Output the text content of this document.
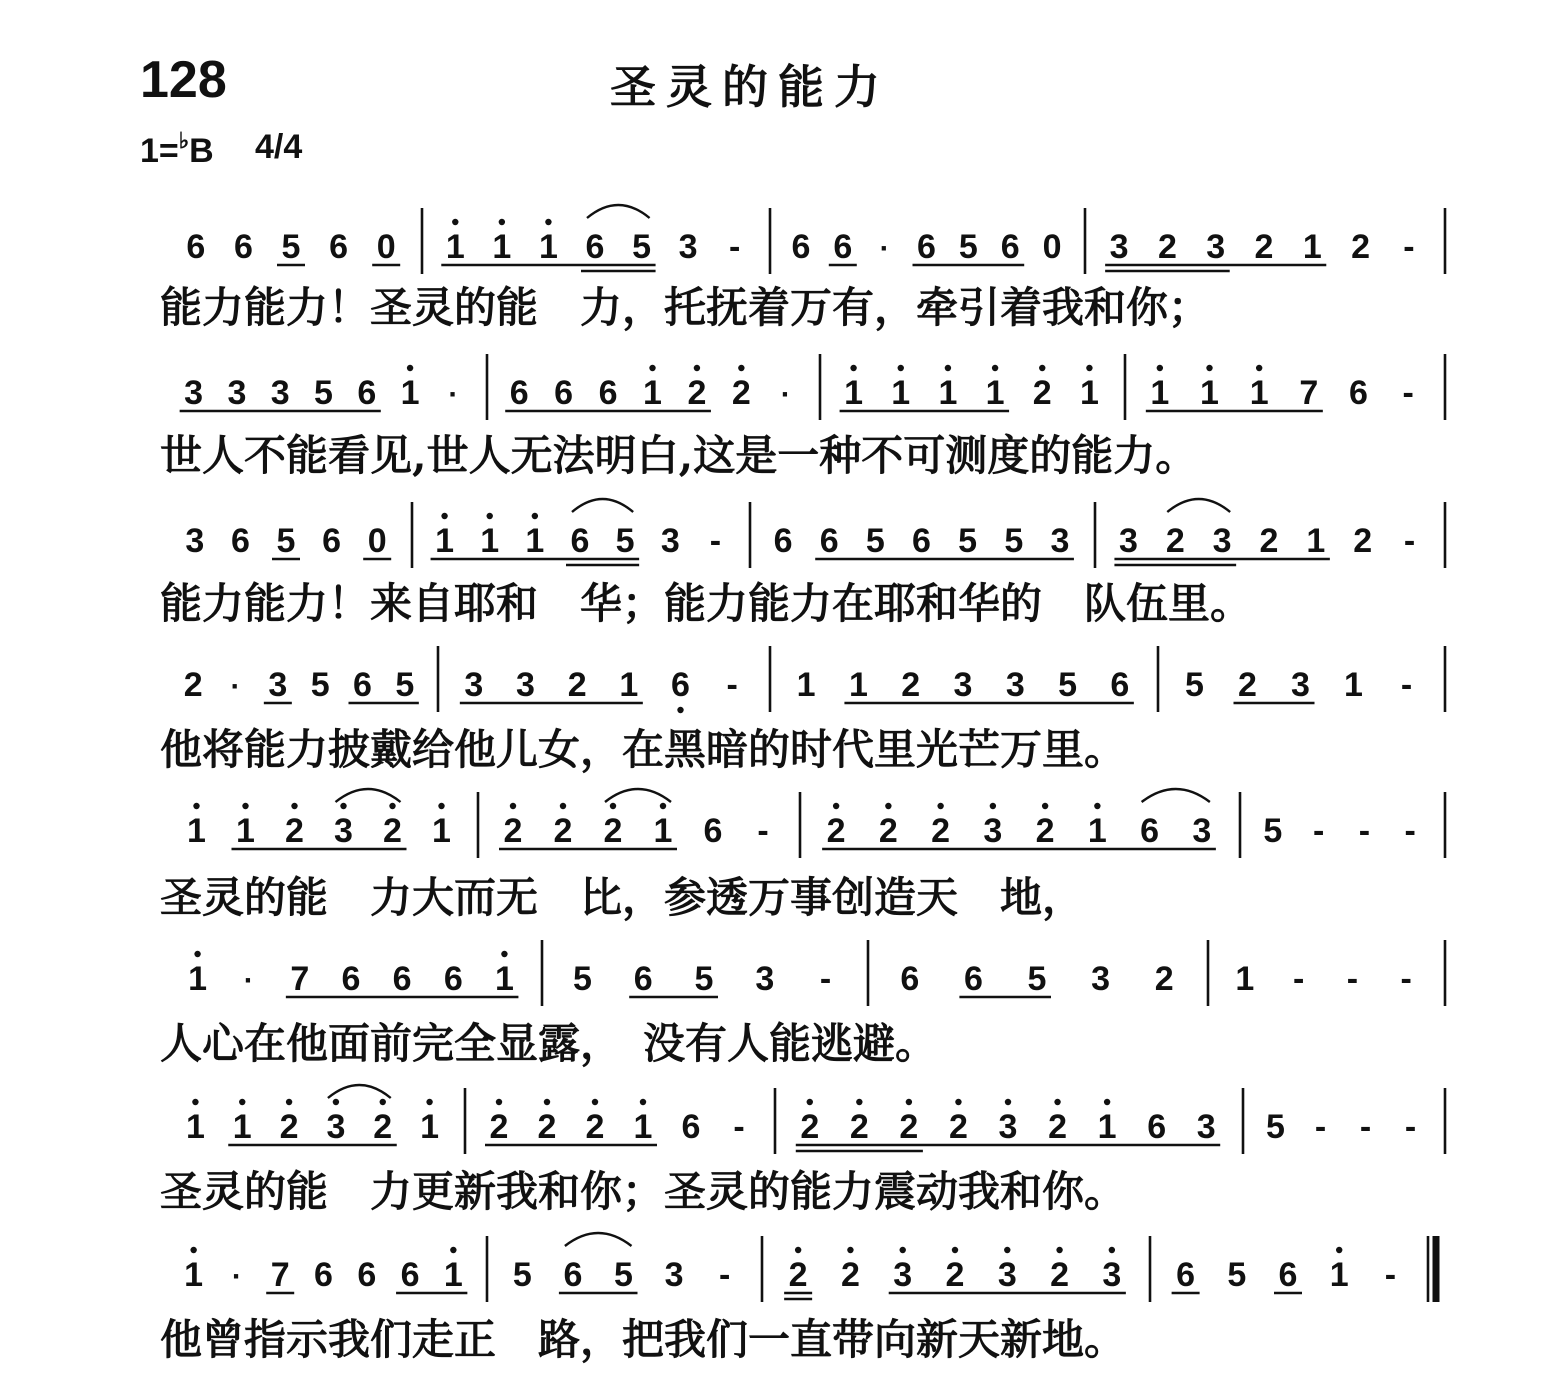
128	圣灵的能力
1=♭B 4/4
能力能力！圣灵的能　力，托抚着万有，牵引着我和你；
世人不能看见,世人无法明白,这是一种不可测度的能力。
能力能力！来自耶和　华；能力能力在耶和华的　队伍里。
他将能力披戴给他儿女，在黑暗的时代里光芒万里。
圣灵的能　力大而无　比，参透万事创造天　地，
人心在他面前完全显露，　没有人能逃避。
圣灵的能　力更新我和你；圣灵的能力震动我和你。
他曾指示我们走正　路，把我们一直带向新天新地。
6 6 5 6 0 1 1 1 6 5 3 - 6 6 · 6 5 6 0 3 2 3 2 1 2 -
3 3 3 5 6 1 · 6 6 6 1 2 2 · 1 1 1 1 2 1 1 1 1 7 6 -
3 6 5 6 0 1 1 1 6 5 3 - 6 6 5 6 5 5 3 3 2 3 2 1 2 -
2 · 3 5 6 5 3 3 2 1 6 - 1 1 2 3 3 5 6 5 2 3 1 -
1 1 2 3 2 1 2 2 2 1 6 - 2 2 2 3 2 1 6 3 5 - - -
1 · 7 6 6 6 1 5 6 5 3 - 6 6 5 3 2 1 - - -
1 1 2 3 2 1 2 2 2 1 6 - 2 2 2 2 3 2 1 6 3 5 - - -
1 · 7 6 6 6 1 5 6 5 3 - 2 2 3 2 3 2 3 6 5 6 1 -
